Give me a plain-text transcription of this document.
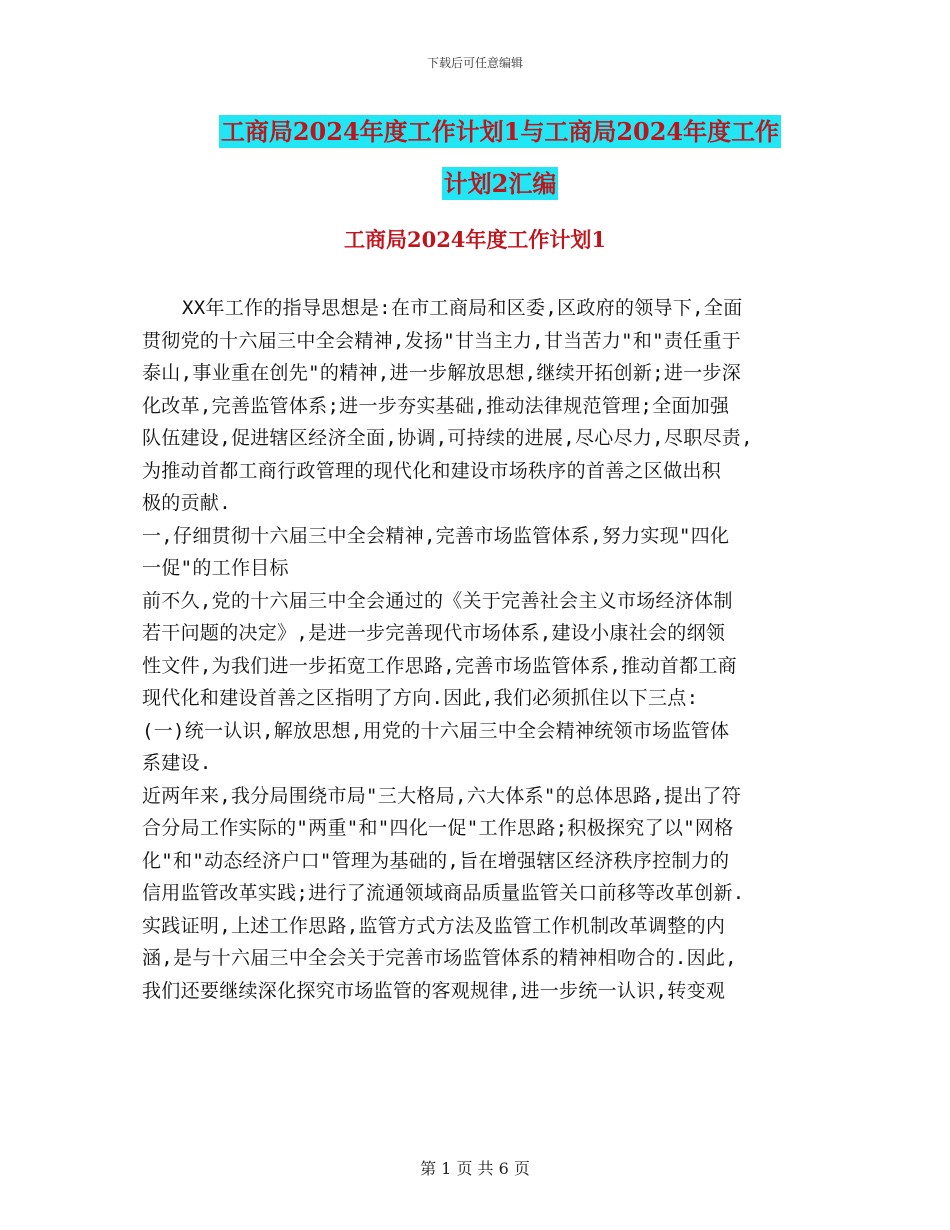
下载后可任意编辑
工商局2024年度工作计划1与工商局2024年度工作
计划2汇编
工商局2024年度工作计划1
XX年工作的指导思想是:在市工商局和区委,区政府的领导下,全面
贯彻党的十六届三中全会精神,发扬"甘当主力,甘当苦力"和"责任重于
泰山,事业重在创先"的精神,进一步解放思想,继续开拓创新;进一步深
化改革,完善监管体系;进一步夯实基础,推动法律规范管理;全面加强
队伍建设,促进辖区经济全面,协调,可持续的进展,尽心尽力,尽职尽责,
为推动首都工商行政管理的现代化和建设市场秩序的首善之区做出积
极的贡献.
一,仔细贯彻十六届三中全会精神,完善市场监管体系,努力实现"四化
一促"的工作目标
前不久,党的十六届三中全会通过的《关于完善社会主义市场经济体制
若干问题的决定》,是进一步完善现代市场体系,建设小康社会的纲领
性文件,为我们进一步拓宽工作思路,完善市场监管体系,推动首都工商
现代化和建设首善之区指明了方向.因此,我们必须抓住以下三点:
(一)统一认识,解放思想,用党的十六届三中全会精神统领市场监管体
系建设.
近两年来,我分局围绕市局"三大格局,六大体系"的总体思路,提出了符
合分局工作实际的"两重"和"四化一促"工作思路;积极探究了以"网格
化"和"动态经济户口"管理为基础的,旨在增强辖区经济秩序控制力的
信用监管改革实践;进行了流通领域商品质量监管关口前移等改革创新.
实践证明,上述工作思路,监管方式方法及监管工作机制改革调整的内
涵,是与十六届三中全会关于完善市场监管体系的精神相吻合的.因此,
我们还要继续深化探究市场监管的客观规律,进一步统一认识,转变观
第 1 页 共 6 页
